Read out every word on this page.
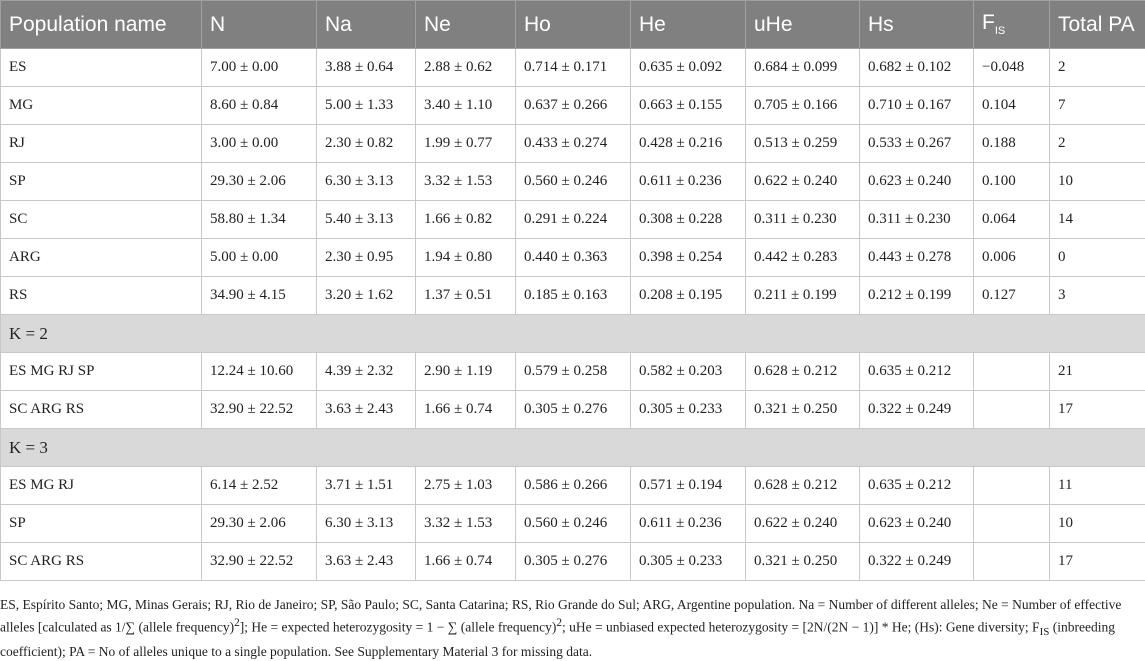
Population name	N	Na	Ne	Ho	He	uHe	Hs	$F_{IS}$	Total PA
ES	7.00 ± 0.00	3.88 ± 0.64	2.88 ± 0.62	0.714 ± 0.171	0.635 ± 0.092	0.684 ± 0.099	0.682 ± 0.102	−0.048	2
MG	8.60 ± 0.84	5.00 ± 1.33	3.40 ± 1.10	0.637 ± 0.266	0.663 ± 0.155	0.705 ± 0.166	0.710 ± 0.167	0.104	7
RJ	3.00 ± 0.00	2.30 ± 0.82	1.99 ± 0.77	0.433 ± 0.274	0.428 ± 0.216	0.513 ± 0.259	0.533 ± 0.267	0.188	2
SP	29.30 ± 2.06	6.30 ± 3.13	3.32 ± 1.53	0.560 ± 0.246	0.611 ± 0.236	0.622 ± 0.240	0.623 ± 0.240	0.100	10
SC	58.80 ± 1.34	5.40 ± 3.13	1.66 ± 0.82	0.291 ± 0.224	0.308 ± 0.228	0.311 ± 0.230	0.311 ± 0.230	0.064	14
ARG	5.00 ± 0.00	2.30 ± 0.95	1.94 ± 0.80	0.440 ± 0.363	0.398 ± 0.254	0.442 ± 0.283	0.443 ± 0.278	0.006	0
RS	34.90 ± 4.15	3.20 ± 1.62	1.37 ± 0.51	0.185 ± 0.163	0.208 ± 0.195	0.211 ± 0.199	0.212 ± 0.199	0.127	3
K = 2									
ES MG RJ SP	12.24 ± 10.60	4.39 ± 2.32	2.90 ± 1.19	0.579 ± 0.258	0.582 ± 0.203	0.628 ± 0.212	0.635 ± 0.212		21
SC ARG RS	32.90 ± 22.52	3.63 ± 2.43	1.66 ± 0.74	0.305 ± 0.276	0.305 ± 0.233	0.321 ± 0.250	0.322 ± 0.249		17
K = 3									
ES MG RJ	6.14 ± 2.52	3.71 ± 1.51	2.75 ± 1.03	0.586 ± 0.266	0.571 ± 0.194	0.628 ± 0.212	0.635 ± 0.212		11
SP	29.30 ± 2.06	6.30 ± 3.13	3.32 ± 1.53	0.560 ± 0.246	0.611 ± 0.236	0.622 ± 0.240	0.623 ± 0.240		10
SC ARG RS	32.90 ± 22.52	3.63 ± 2.43	1.66 ± 0.74	0.305 ± 0.276	0.305 ± 0.233	0.321 ± 0.250	0.322 ± 0.249		17
ES, Espírito Santo; MG, Minas Gerais; RJ, Rio de Janeiro; SP, São Paulo; SC, Santa Catarina; RS, Rio Grande do Sul; ARG, Argentine population. Na = Number of different alleles; Ne = Number of effective alleles [calculated as 1/∑ (allele frequency)$^2$]; He = expected heterozygosity = 1 − ∑ (allele frequency)$^2$; uHe = unbiased expected heterozygosity = [2N/(2N − 1)] * He; (Hs): Gene diversity; $F_{IS}$ (inbreeding coefficient); PA = No of alleles unique to a single population. See Supplementary Material 3 for missing data.
